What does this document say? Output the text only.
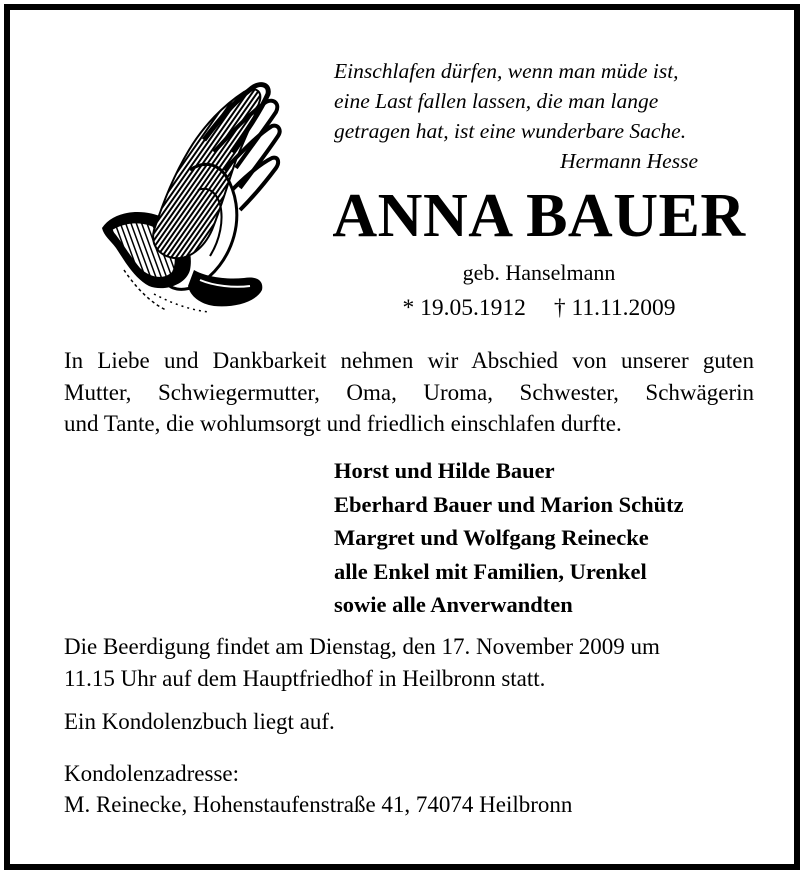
Einschlafen dürfen, wenn man müde ist,
eine Last fallen lassen, die man lange
getragen hat, ist eine wunderbare Sache.
Hermann Hesse
ANNA BAUER
geb. Hanselmann
* 19.05.1912 † 11.11.2009
In Liebe und Dankbarkeit nehmen wir Abschied von unserer guten
Mutter, Schwiegermutter, Oma, Uroma, Schwester, Schwägerin
und Tante, die wohlumsorgt und friedlich einschlafen durfte.
Horst und Hilde Bauer
Eberhard Bauer und Marion Schütz
Margret und Wolfgang Reinecke
alle Enkel mit Familien, Urenkel
sowie alle Anverwandten
Die Beerdigung findet am Dienstag, den 17. November 2009 um
11.15 Uhr auf dem Hauptfriedhof in Heilbronn statt.
Ein Kondolenzbuch liegt auf.
Kondolenzadresse:
M. Reinecke, Hohenstaufenstraße 41, 74074 Heilbronn
